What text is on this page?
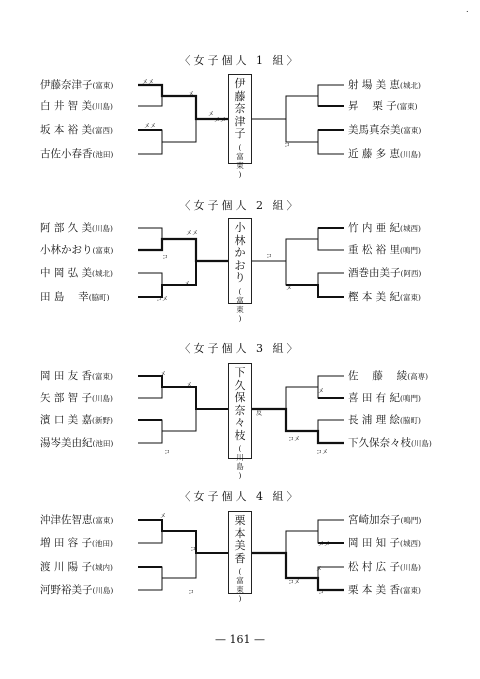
.
〈女子個人 1 組〉
伊藤奈津子(富東)
白 井 智 美(川島)
坂 本 裕 美(富西)
古佐小春香(池田)
射 場 美 恵(城北)
昇　 栗 子(富東)
美馬真奈美(富東)
近 藤 多 恵(川島)
伊
藤
奈
津
子
(
富
東
)
メメ
メ
メメ
メ
メメ
コ
〈女子個人 2 組〉
阿 部 久 美(川島)
小林かおり(富東)
中 岡 弘 美(城北)
田 島　 幸(脇町)
竹 内 亜 紀(城西)
重 松 裕 里(鳴門)
酒巻由美子(阿西)
樫 本 美 紀(富東)
小
林
か
お
り
(
富
東
)
メメ
コ
コメ
メ
コ
メ
〈女子個人 3 組〉
岡 田 友 香(富東)
矢 部 智 子(川島)
濱 口 美 嘉(新野)
湯岑美由紀(池田)
佐　 藤　 綾(高専)
喜 田 有 紀(鳴門)
長 浦 理 絵(脇町)
下久保奈々枝(川島)
下
久
保
奈
々
枝
(
川
島
)
メ
メ
コ
反
メ
コメ
コメ
〈女子個人 4 組〉
沖津佐智恵(富東)
増 田 容 子(池田)
渡 川 陽 子(城内)
河野裕美子(川島)
宮崎加奈子(鳴門)
岡 田 知 子(城西)
松 村 広 子(川島)
栗 本 美 香(富東)
栗
本
美
香
(
富
東
)
メ
コ
コ
メメ
メ
コメ
コ
— 161 —
